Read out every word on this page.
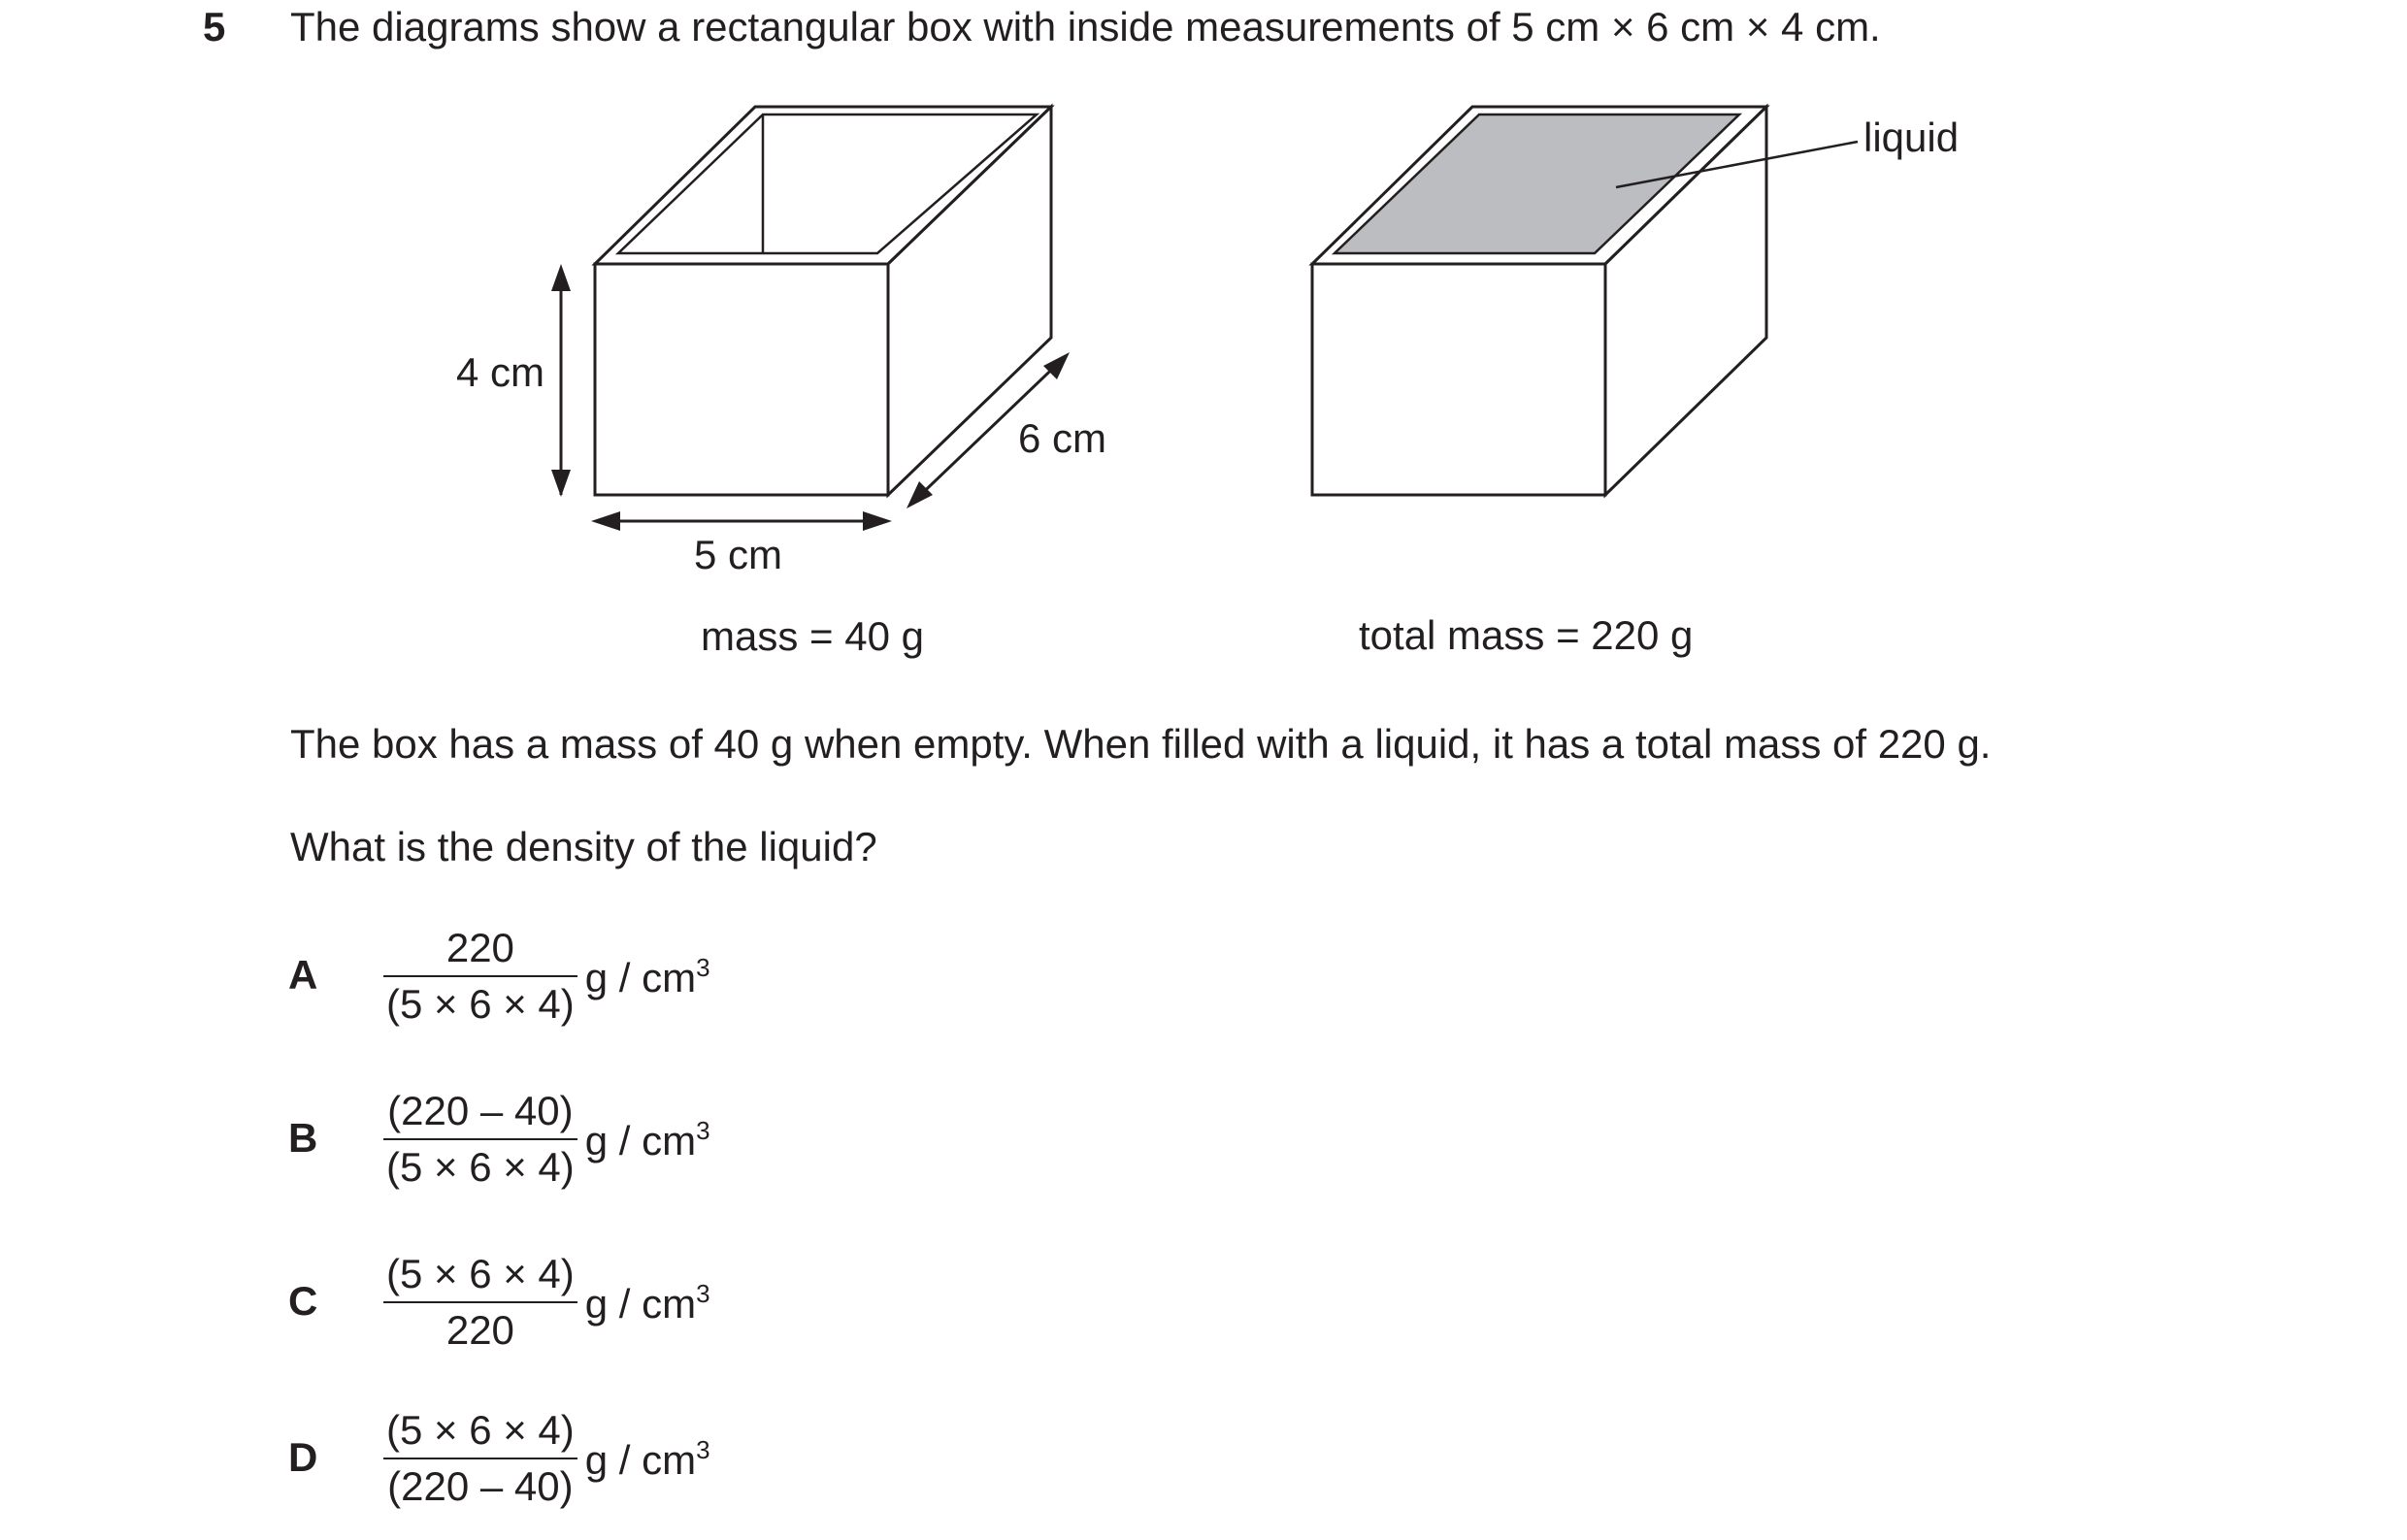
5 The diagrams show a rectangular box with inside measurements of 5 cm × 6 cm × 4 cm.
4 cm
6 cm
5 cm
mass = 40 g
liquid
total mass = 220 g
The box has a mass of 40 g when empty. When filled with a liquid, it has a total mass of 220 g.
What is the density of the liquid?
A $\frac{220}{(5 \times 6 \times 4)}$ g / $cm^3$
B $\frac{(220 - 40)}{(5 \times 6 \times 4)}$ g / $cm^3$
C $\frac{(5 \times 6 \times 4)}{220}$ g / $cm^3$
D $\frac{(5 \times 6 \times 4)}{(220 - 40)}$ g / $cm^3$
